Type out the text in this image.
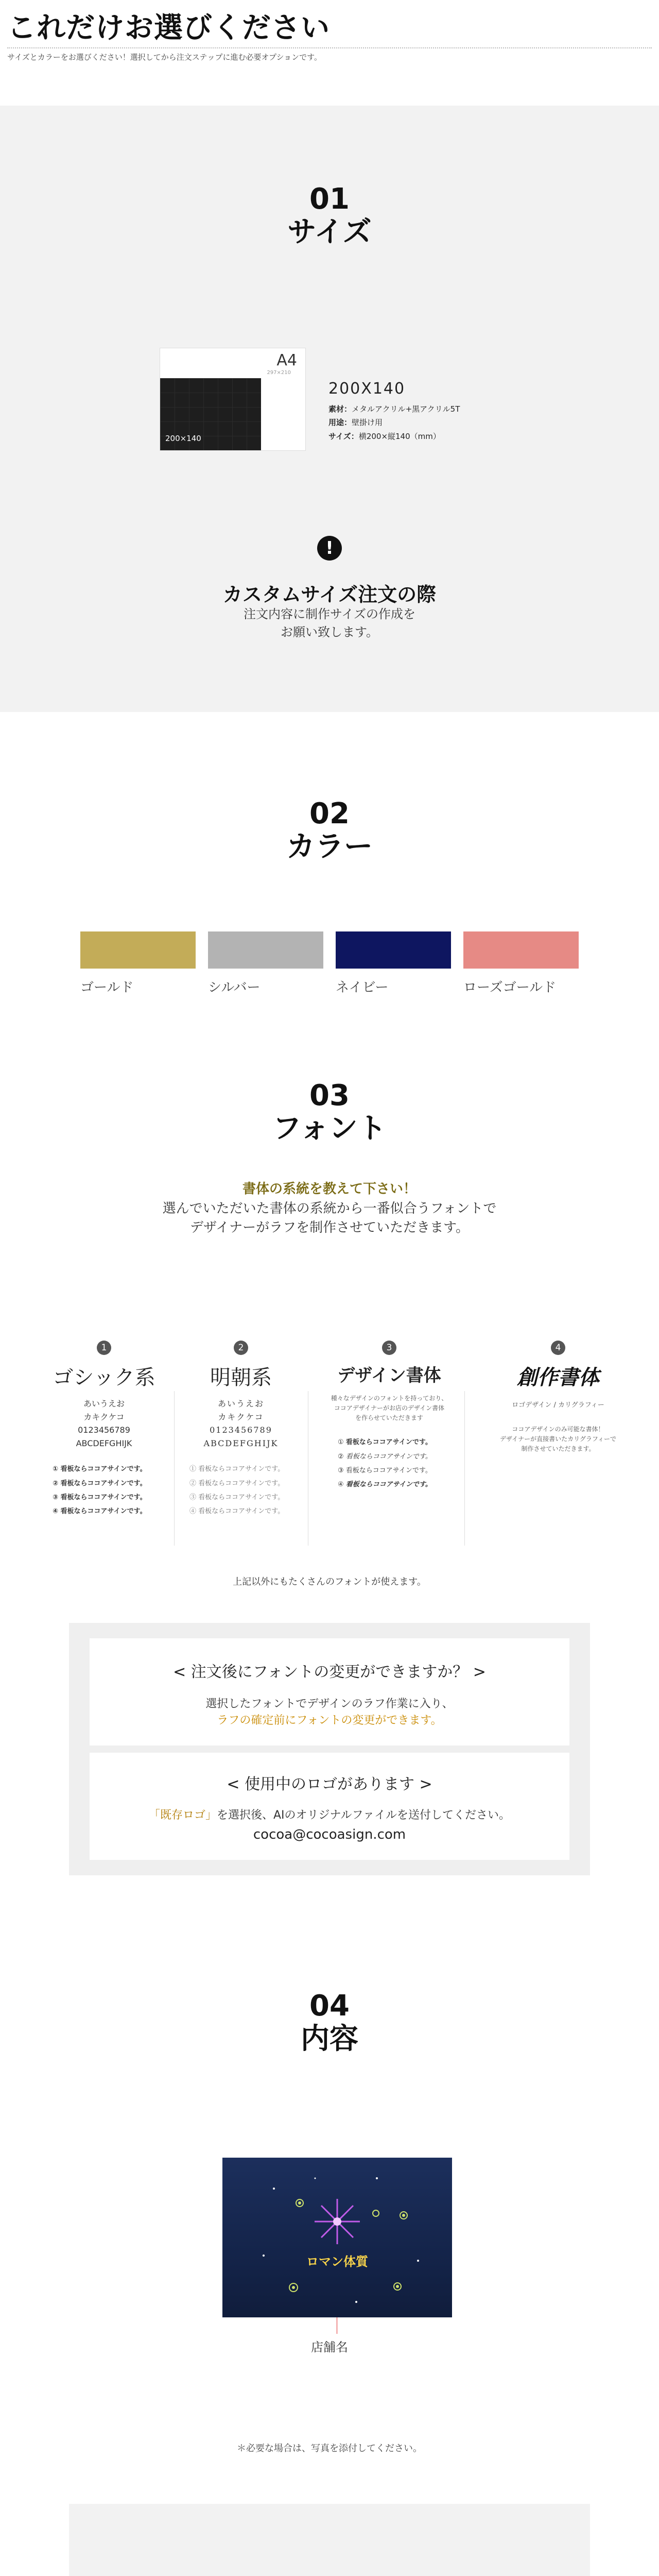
これだけお選びください
サイズとカラーをお選びください！選択してから注文ステップに進む必要オプションです。
01
サイズ
A4
297×210
200×140
200X140
素材：メタルアクリル+黒アクリル5T
用途：壁掛け用
サイズ：横200×縦140（mm）
!
カスタムサイズ注文の際
注文内容に制作サイズの作成を
お願い致します。
02
カラー
ゴールド	シルバー	ネイビー	ローズゴールド
03
フォント
書体の系統を教えて下さい！
選んでいただいた書体の系統から一番似合うフォントで
デザイナーがラフを制作させていただきます。
1
ゴシック系
あいうえお
カキクケコ
0123456789
ABCDEFGHIJK
① 看板ならココアサインです。
② 看板ならココアサインです。
③ 看板ならココアサインです。
④ 看板ならココアサインです。
2
明朝系
あいうえお
カキクケコ
0123456789
ABCDEFGHIJK
① 看板ならココアサインです。
② 看板ならココアサインです。
③ 看板ならココアサインです。
④ 看板ならココアサインです。
3
デザイン書体
種々なデザインのフォントを持っており、
ココアデザイナーがお店のデザイン書体
を作らせていただきます
① 看板ならココアサインです。
② 看板ならココアサインです。
③ 看板ならココアサインです。
④ 看板ならココアサインです。
4
創作書体
ロゴデザイン / カリグラフィー
ココアデザインのみ可能な書体！
デザイナーが直接書いたカリグラフィーで
制作させていただきます。
上記以外にもたくさんのフォントが使えます。
< 注文後にフォントの変更ができますか？ >
選択したフォントでデザインのラフ作業に入り、
ラフの確定前にフォントの変更ができます。
< 使用中のロゴがあります >
「既存ロゴ」を選択後、AIのオリジナルファイルを送付してください。
cocoa@cocoasign.com
04
内容
ロマン体質
店舗名
＊必要な場合は、写真を添付してください。
